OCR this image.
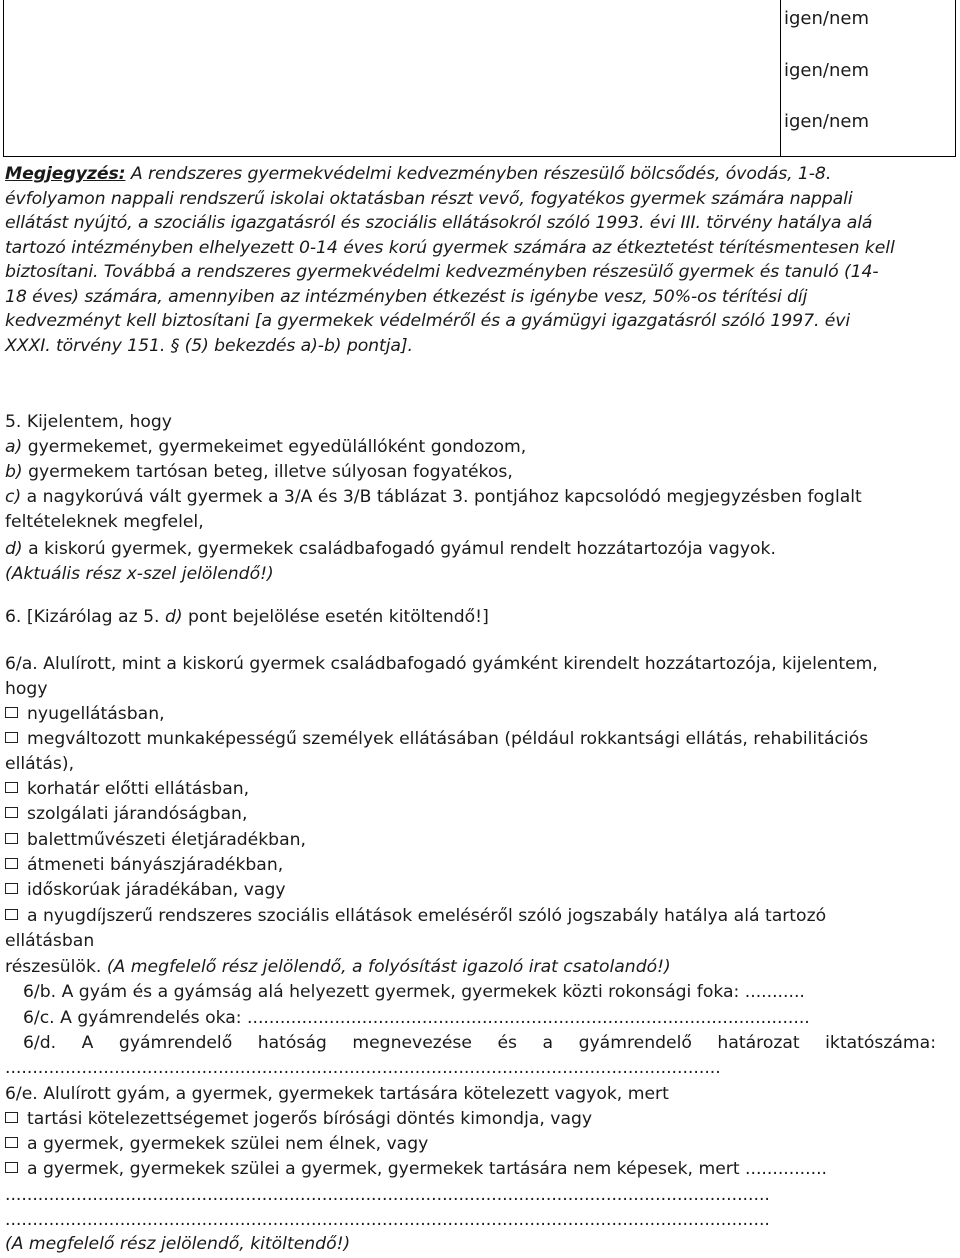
igen/nem
igen/nem
igen/nem
Megjegyzés: A rendszeres gyermekvédelmi kedvezményben részesülő bölcsődés, óvodás, 1-8.
évfolyamon nappali rendszerű iskolai oktatásban részt vevő, fogyatékos gyermek számára nappali
ellátást nyújtó, a szociális igazgatásról és szociális ellátásokról szóló 1993. évi III. törvény hatálya alá
tartozó intézményben elhelyezett 0-14 éves korú gyermek számára az étkeztetést térítésmentesen kell
biztosítani. Továbbá a rendszeres gyermekvédelmi kedvezményben részesülő gyermek és tanuló (14-
18 éves) számára, amennyiben az intézményben étkezést is igénybe vesz, 50%-os térítési díj
kedvezményt kell biztosítani [a gyermekek védelméről és a gyámügyi igazgatásról szóló 1997. évi
XXXI. törvény 151. § (5) bekezdés a)-b) pontja].
5. Kijelentem, hogy
a) gyermekemet, gyermekeimet egyedülállóként gondozom,
b) gyermekem tartósan beteg, illetve súlyosan fogyatékos,
c) a nagykorúvá vált gyermek a 3/A és 3/B táblázat 3. pontjához kapcsolódó megjegyzésben foglalt
feltételeknek megfelel,
d) a kiskorú gyermek, gyermekek családbafogadó gyámul rendelt hozzátartozója vagyok.
(Aktuális rész x-szel jelölendő!)
6. [Kizárólag az 5. d) pont bejelölése esetén kitöltendő!]
6/a. Alulírott, mint a kiskorú gyermek családbafogadó gyámként kirendelt hozzátartozója, kijelentem,
hogy
nyugellátásban,
megváltozott munkaképességű személyek ellátásában (például rokkantsági ellátás, rehabilitációs
ellátás),
korhatár előtti ellátásban,
szolgálati járandóságban,
balettművészeti életjáradékban,
átmeneti bányászjáradékban,
időskorúak járadékában, vagy
a nyugdíjszerű rendszeres szociális ellátások emeléséről szóló jogszabály hatálya alá tartozó
ellátásban
részesülök. (A megfelelő rész jelölendő, a folyósítást igazoló irat csatolandó!)
6/b. A gyám és a gyámság alá helyezett gyermek, gyermekek közti rokonsági foka: ...........
6/c. A gyámrendelés oka: .......................................................................................................
6/d. A gyámrendelő hatóság megnevezése és a gyámrendelő határozat iktatószáma:
...................................................................................................................................
6/e. Alulírott gyám, a gyermek, gyermekek tartására kötelezett vagyok, mert
tartási kötelezettségemet jogerős bírósági döntés kimondja, vagy
a gyermek, gyermekek szülei nem élnek, vagy
a gyermek, gyermekek szülei a gyermek, gyermekek tartására nem képesek, mert ...............
............................................................................................................................................
............................................................................................................................................
(A megfelelő rész jelölendő, kitöltendő!)
